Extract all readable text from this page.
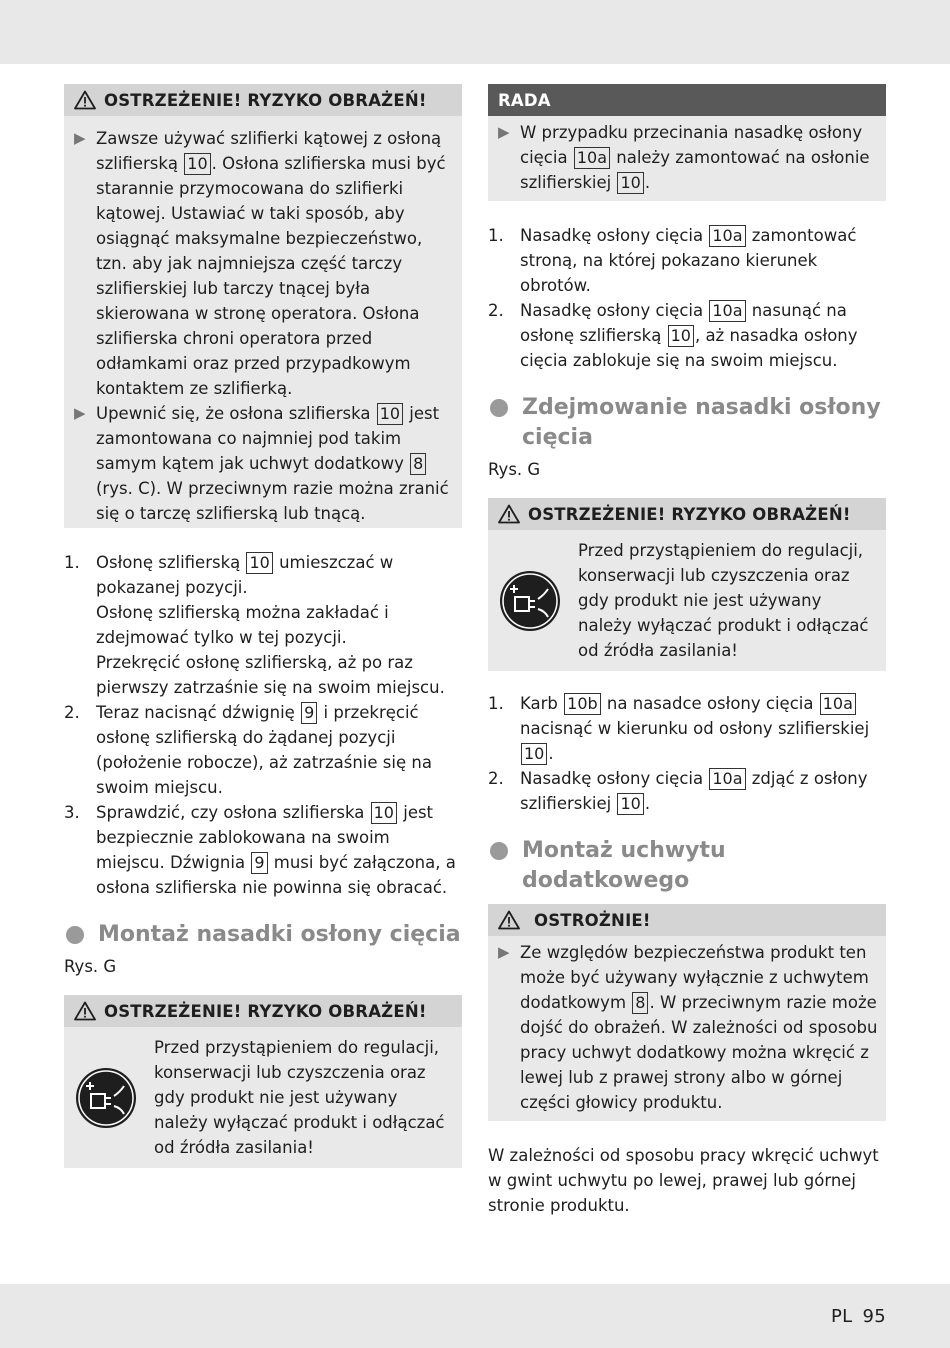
OSTRZEŻENIE! RYZYKO OBRAŻEŃ!
▶ Zawsze używać szlifierki kątowej z osłoną szlifierską 10 . Osłona szlifierska musi być starannie przymocowana do szlifierki kątowej. Ustawiać w taki sposób, aby osiągnąć maksymalne bezpieczeństwo, tzn. aby jak najmniejsza część tarczy szlifierskiej lub tarczy tnącej była skierowana w stronę operatora. Osłona szlifierska chroni operatora przed odłamkami oraz przed przypadkowym kontaktem ze szlifierką.
▶ Upewnić się, że osłona szlifierska 10 jest zamontowana co najmniej pod takim samym kątem jak uchwyt dodatkowy 8 (rys. C). W przeciwnym razie można zranić się o tarczę szlifierską lub tnącą.
1. Osłonę szlifierską 10 umieszczać w pokazanej pozycji.
Osłonę szlifierską można zakładać i zdejmować tylko w tej pozycji.
Przekręcić osłonę szlifierską, aż po raz pierwszy zatrzaśnie się na swoim miejscu.
2. Teraz nacisnąć dźwignię 9 i przekręcić osłonę szlifierską do żądanej pozycji (położenie robocze), aż zatrzaśnie się na swoim miejscu.
3. Sprawdzić, czy osłona szlifierska 10 jest bezpiecznie zablokowana na swoim miejscu. Dźwignia 9 musi być załączona, a osłona szlifierska nie powinna się obracać.
Montaż nasadki osłony cięcia
Rys. G
OSTRZEŻENIE! RYZYKO OBRAŻEŃ!
Przed przystąpieniem do regulacji, konserwacji lub czyszczenia oraz gdy produkt nie jest używany należy wyłączać produkt i odłączać od źródła zasilania!
RADA
▶ W przypadku przecinania nasadkę osłony cięcia 10a należy zamontować na osłonie szlifierskiej 10 .
1. Nasadkę osłony cięcia 10a zamontować stroną, na której pokazano kierunek obrotów.
2. Nasadkę osłony cięcia 10a nasunąć na osłonę szlifierską 10 , aż nasadka osłony cięcia zablokuje się na swoim miejscu.
Zdejmowanie nasadki osłony cięcia
Rys. G
OSTRZEŻENIE! RYZYKO OBRAŻEŃ!
Przed przystąpieniem do regulacji, konserwacji lub czyszczenia oraz gdy produkt nie jest używany należy wyłączać produkt i odłączać od źródła zasilania!
1. Karb 10b na nasadce osłony cięcia 10a nacisnąć w kierunku od osłony szlifierskiej 10 .
2. Nasadkę osłony cięcia 10a zdjąć z osłony szlifierskiej 10 .
Montaż uchwytu dodatkowego
OSTROŻNIE!
▶ Ze względów bezpieczeństwa produkt ten może być używany wyłącznie z uchwytem dodatkowym 8 . W przeciwnym razie może dojść do obrażeń. W zależności od sposobu pracy uchwyt dodatkowy można wkręcić z lewej lub z prawej strony albo w górnej części głowicy produktu.

W zależności od sposobu pracy wkręcić uchwyt w gwint uchwytu po lewej, prawej lub górnej stronie produktu.

PL 95
